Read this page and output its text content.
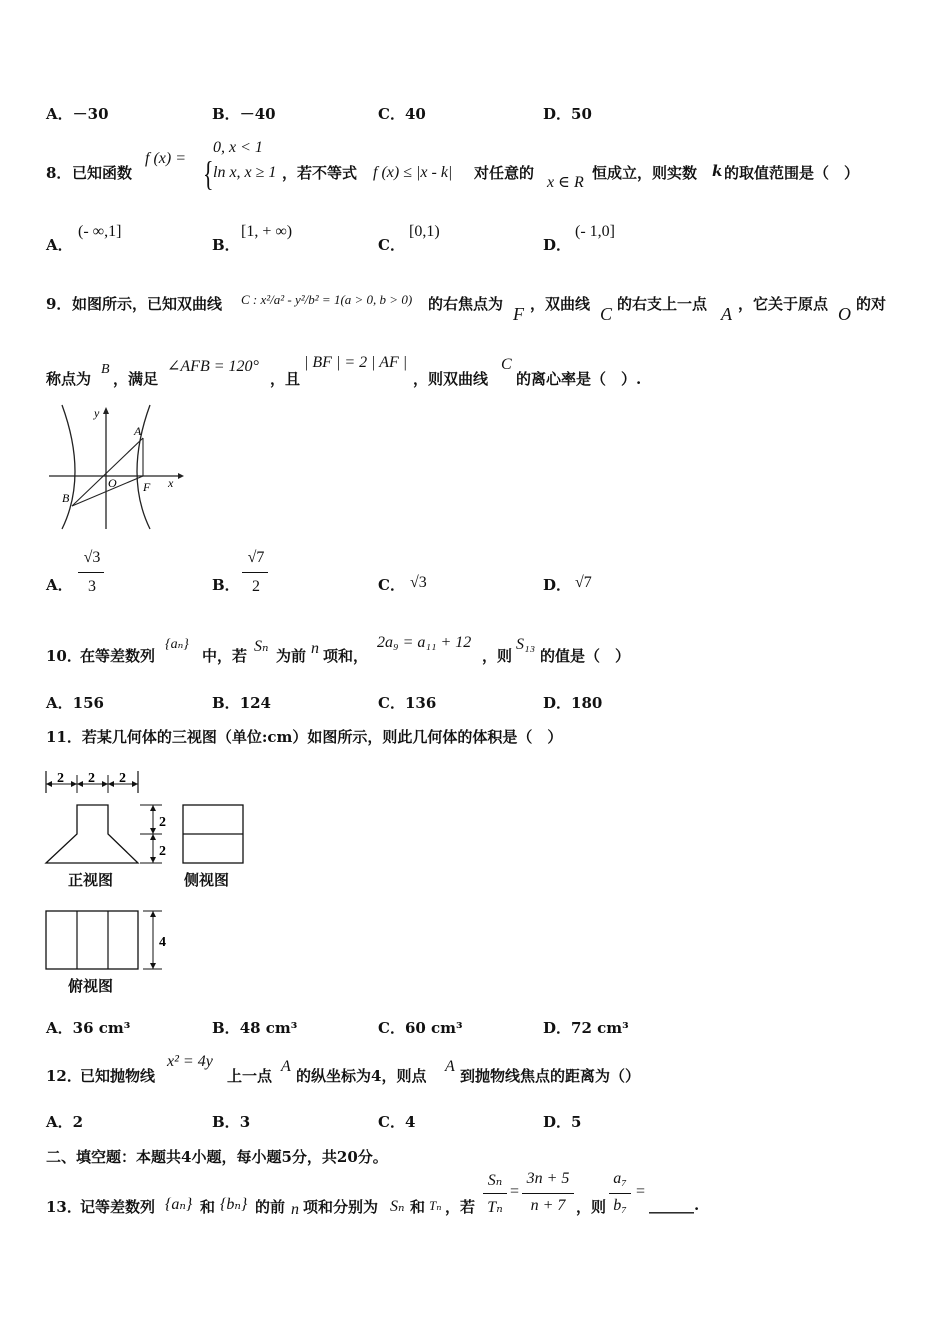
A．－30	B．－40	C．40	D．50
8． 已知函数
f (x) = {
0, x < 1
ln x, x ≥ 1 ，若不等式 f (x) ≤ |x - k| 对任意的
x ∈ R
恒成立，则实数 k 的取值范围是（　）
A．
(- ∞,1]
B．
[1, + ∞)
C．
[0,1)
D．
(- 1,0]
9． 如图所示，已知双曲线 C : x²/a² - y²/b² = 1(a > 0, b > 0) 的右焦点为 F ，双曲线 C 的右支上一点 A ，它关于原点 O 的对
称点为
B
，满足
∠AFB = 120°
，且
| BF | = 2 | AF |
，则双曲线
C
的离心率是（　）.
y
x
A
B
O F
A．
√3
3	B．
√7
2	C． √3	D． √7
10．
在等差数列
{aₙ}
中，若
Sₙ
为前 n 项和，
2a₉ = a₁₁ + 12
，则
S₁₃
的值是（　）
A．156	B．124	C．136	D．180
11．若某几何体的三视图（单位:cm）如图所示，则此几何体的体积是（　）
2 2 2
2
2
4
正视图	侧视图
俯视图
A．36 cm³	B．48 cm³	C．60 cm³	D．72 cm³
12．
已知抛物线
x² = 4y
上一点
A
的纵坐标为4，则点
A
到抛物线焦点的距离为（）
A．2	B．3	C．4	D．5
二、填空题：本题共4小题，每小题5分，共20分。
13．
记等差数列 {aₙ} 和 {bₙ} 的前 n 项和分别为 Sₙ 和 Tₙ ，若
Sₙ
Tₙ
=
3n + 5
n + 7 ，则
a₇
b₇
=
______.
